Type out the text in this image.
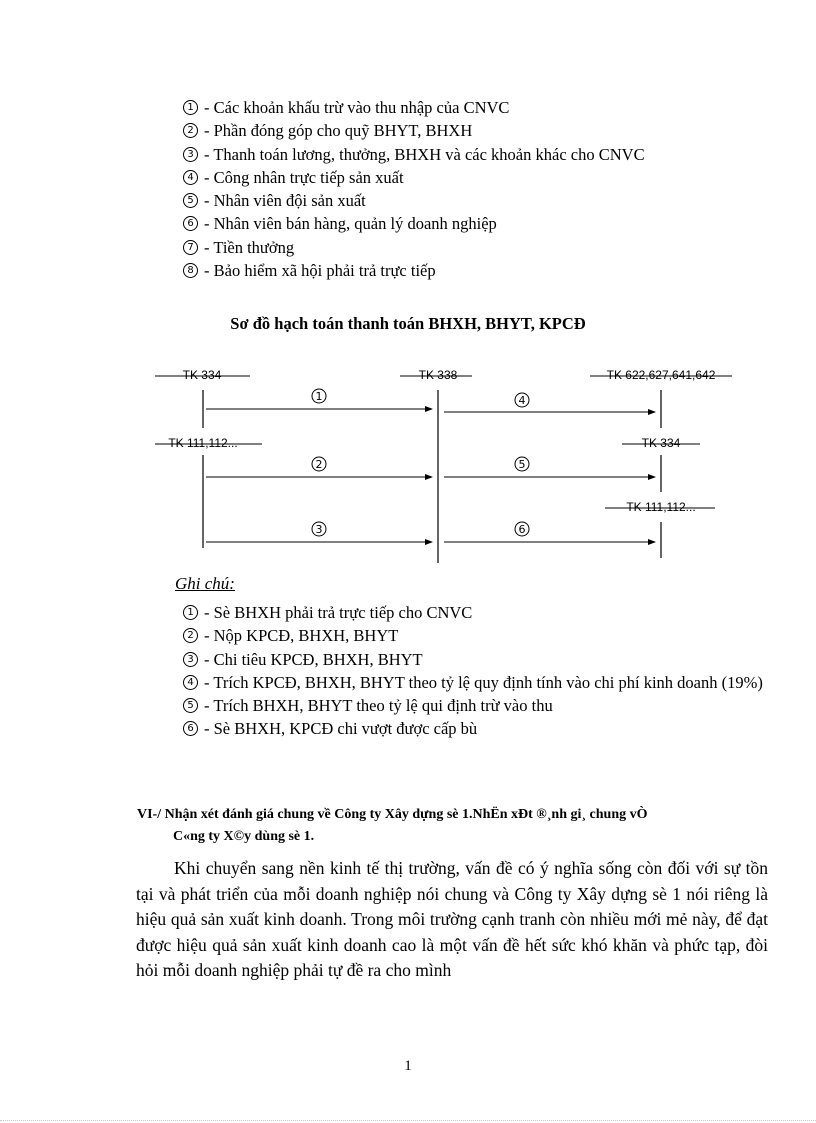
1 - Các khoản khấu trừ vào thu nhập của CNVC
2 - Phần đóng góp cho quỹ BHYT, BHXH
3 - Thanh toán lương, thưởng, BHXH và các khoản khác cho CNVC
4 - Công nhân trực tiếp sản xuất
5 - Nhân viên đội sản xuất
6 - Nhân viên bán hàng, quản lý doanh nghiệp
7 - Tiền thưởng
8 - Bảo hiểm xã hội phải trả trực tiếp
Sơ đồ hạch toán thanh toán BHXH, BHYT, KPCĐ
TK 334	TK 338	TK 622,627,641,642
TK 111,112...	TK 334
TK 111,112...
1
2
3
4
5
6
Ghi chú:
1 - Sè BHXH phải trả trực tiếp cho CNVC
2 - Nộp KPCĐ, BHXH, BHYT
3 - Chi tiêu KPCĐ, BHXH, BHYT
4 - Trích KPCĐ, BHXH, BHYT theo tỷ lệ quy định tính vào chi phí kinh doanh (19%)
5 - Trích BHXH, BHYT theo tỷ lệ qui định trừ vào thu
6 - Sè BHXH, KPCĐ chi vượt được cấp bù
VI-/ Nhận xét đánh giá chung về Công ty Xây dựng sè 1.NhËn xÐt ®¸nh gi¸ chung vÒ
C«ng ty X©y dùng sè 1.

Khi chuyển sang nền kinh tế thị trường, vấn đề có ý nghĩa sống còn đối với sự tồn tại và phát triển của mỗi doanh nghiệp nói chung và Công ty Xây dựng sè 1 nói riêng là hiệu quả sản xuất kinh doanh. Trong môi trường cạnh tranh còn nhiều mới mẻ này, để đạt được hiệu quả sản xuất kinh doanh cao là một vấn đề hết sức khó khăn và phức tạp, đòi hỏi mỗi doanh nghiệp phải tự đề ra cho mình

1
